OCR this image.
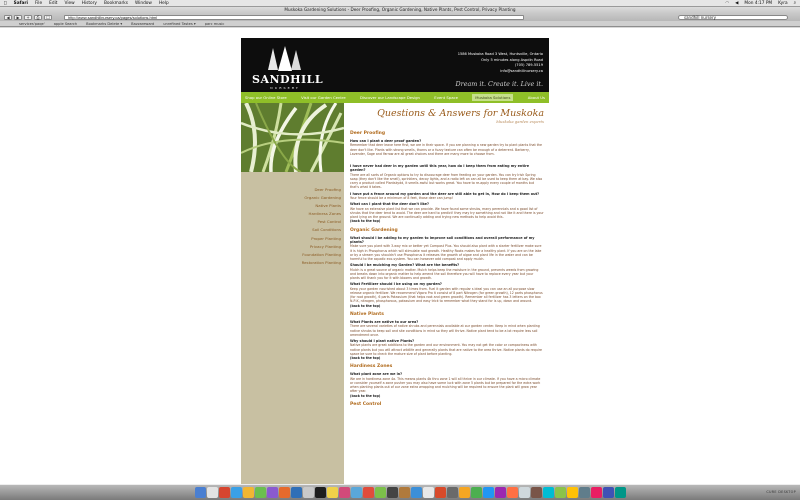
Safari File Edit View History Bookmarks Window Help	◠ ◀ Mon 4:17 PM Kyra ⌕
Muskoka Gardening Solutions - Deer Proofing, Organic Gardening, Native Plants, Pest Control, Privacy Planting
◀	▶	+	⎙	☐	http://www.sandhillnursery.ca/pages/solutions.html	sandhill nursery
services'paqe'	apple Search	Bookmarks Delete ▾	Bazzareward	unrefined Tastes ▾	parc music
SANDHILL
NURSERY
1586 Muskoka Road 3 West, Huntsville, Ontario
Only 5 minutes along Aspdin Road
(705) 789-5519
info@sandhillnursery.ca
Dream it. Create it. Live it.
Shop our Online Store	Visit our Garden Centre	Discover our Landscape Design	Event Space	Muskoka Solutions	About Us
Deer Proofing
Organic Gardening
Native Plants
Hardiness Zones
Pest Control
Soil Conditions
Proper Planting
Privacy Planting
Foundation Planting
Restoration Planting
Questions & Answers for Muskoka
Muskoka garden experts
Deer Proofing
How can I plant a deer proof garden?
Remember that deer leave here first, we are in their space. If you are planning a new garden try to plant plants that the deer don't like. Plants with strong smells, thorns or a fuzzy texture can often be enough of a deterrent. Barberry, Lavender, Sage and Yarrow are all great choices and there are many more to choose from.
I have never had deer in my garden until this year, how do I keep them from eating my entire garden?
There are all sorts of Organic options to try to discourage deer from feeding on your garden. You can try Irish Spring soap (they don't like the smell), sprinklers, decoy lights, and a radio left on can all be used to keep them at bay. We also carry a product called Plantskydd, it smells awful but works great. You have to re-apply every couple of months but that's what it takes.
I have put a fence around my garden and the deer are still able to get in, How do I keep them out?
Your fence should be a minimum of 8 feet, those deer can jump!
What can I plant that the deer don't like?
We have an extensive plant list that we can provide. We have found some shrubs, many perennials and a good list of shrubs that the deer tend to avoid. The deer are hard to predict! they may try something and not like it and there is your plant lying on the ground. We are continually adding and trying new methods to help avoid this.
(back to the top)
Organic Gardening
What should I be adding to my garden to improve soil conditions and overall performance of my plants?
Make sure you plant with 3-way mix or better yet Compost Plus. You should also plant with a starter fertilizer make sure it is high in Phosphorus which will stimulate root growth. Healthy Roots makes for a healthy plant. If you are on the lake or by a stream you shouldn't use Phosphorus it releases the growth of algae and plant life in the water and can be harmful to the aquatic eco-system. You can however add compost and apply mulch.
Should I be mulching my Garden? What are the benefits?
Mulch is a great source of organic matter. Mulch helps keep the moisture in the ground, prevents weeds from growing and breaks down into organic matter to help amend the soil therefore you will have to replace every year but your plants will thank you for it with blooms and growth.
What Fertilizer should I be using on my garden?
Keep your garden nourished about 3 times from. Fuel it garden with regular s ideal you can use an all purpose slow release organic fertilizer. We recommend Vigoro Pro it consist of 8 part Nitrogen (for green growth), 12 parts phosphorus (for root growth), 6 parts Potassium (that helps root and green growth). Remember all fertilizer has 3 letters on the box N-P-K, nitrogen, phosphorous, potassium and easy trick to remember what they stand for is up, down and around.
(back to the top)
Native Plants
What Plants are native to our area?
There are several varieties of native shrubs and perennials available at our garden center. Keep in mind when planting native shrubs to keep soil and site conditions in mind so they will thrive. Native plant tend to be a lot require less soil amendment once.
Why should I plant native Plants?
Native plants are great additions to the garden and our environment. You may not get the color or compactness with native plants but you will attract wildlife and generally plants that are native to the area thrive. Native plants do require space be sure to check the mature size of plant before planting.
(back to the top)
Hardiness Zones
What plant zone are we in?
We are in hardiness zone 4a. This means plants 4b thru zone 1 will all thrive in our climate. If you have a micro climate or consider yourself a zone pusher you may also have some luck with zone 5 plants but be prepared for the extra work when planting plants out of our zone extra wrapping and mulching will be required to ensure the plant will grow year after year.
(back to the top)
Pest Control
CURE DESKTOP
